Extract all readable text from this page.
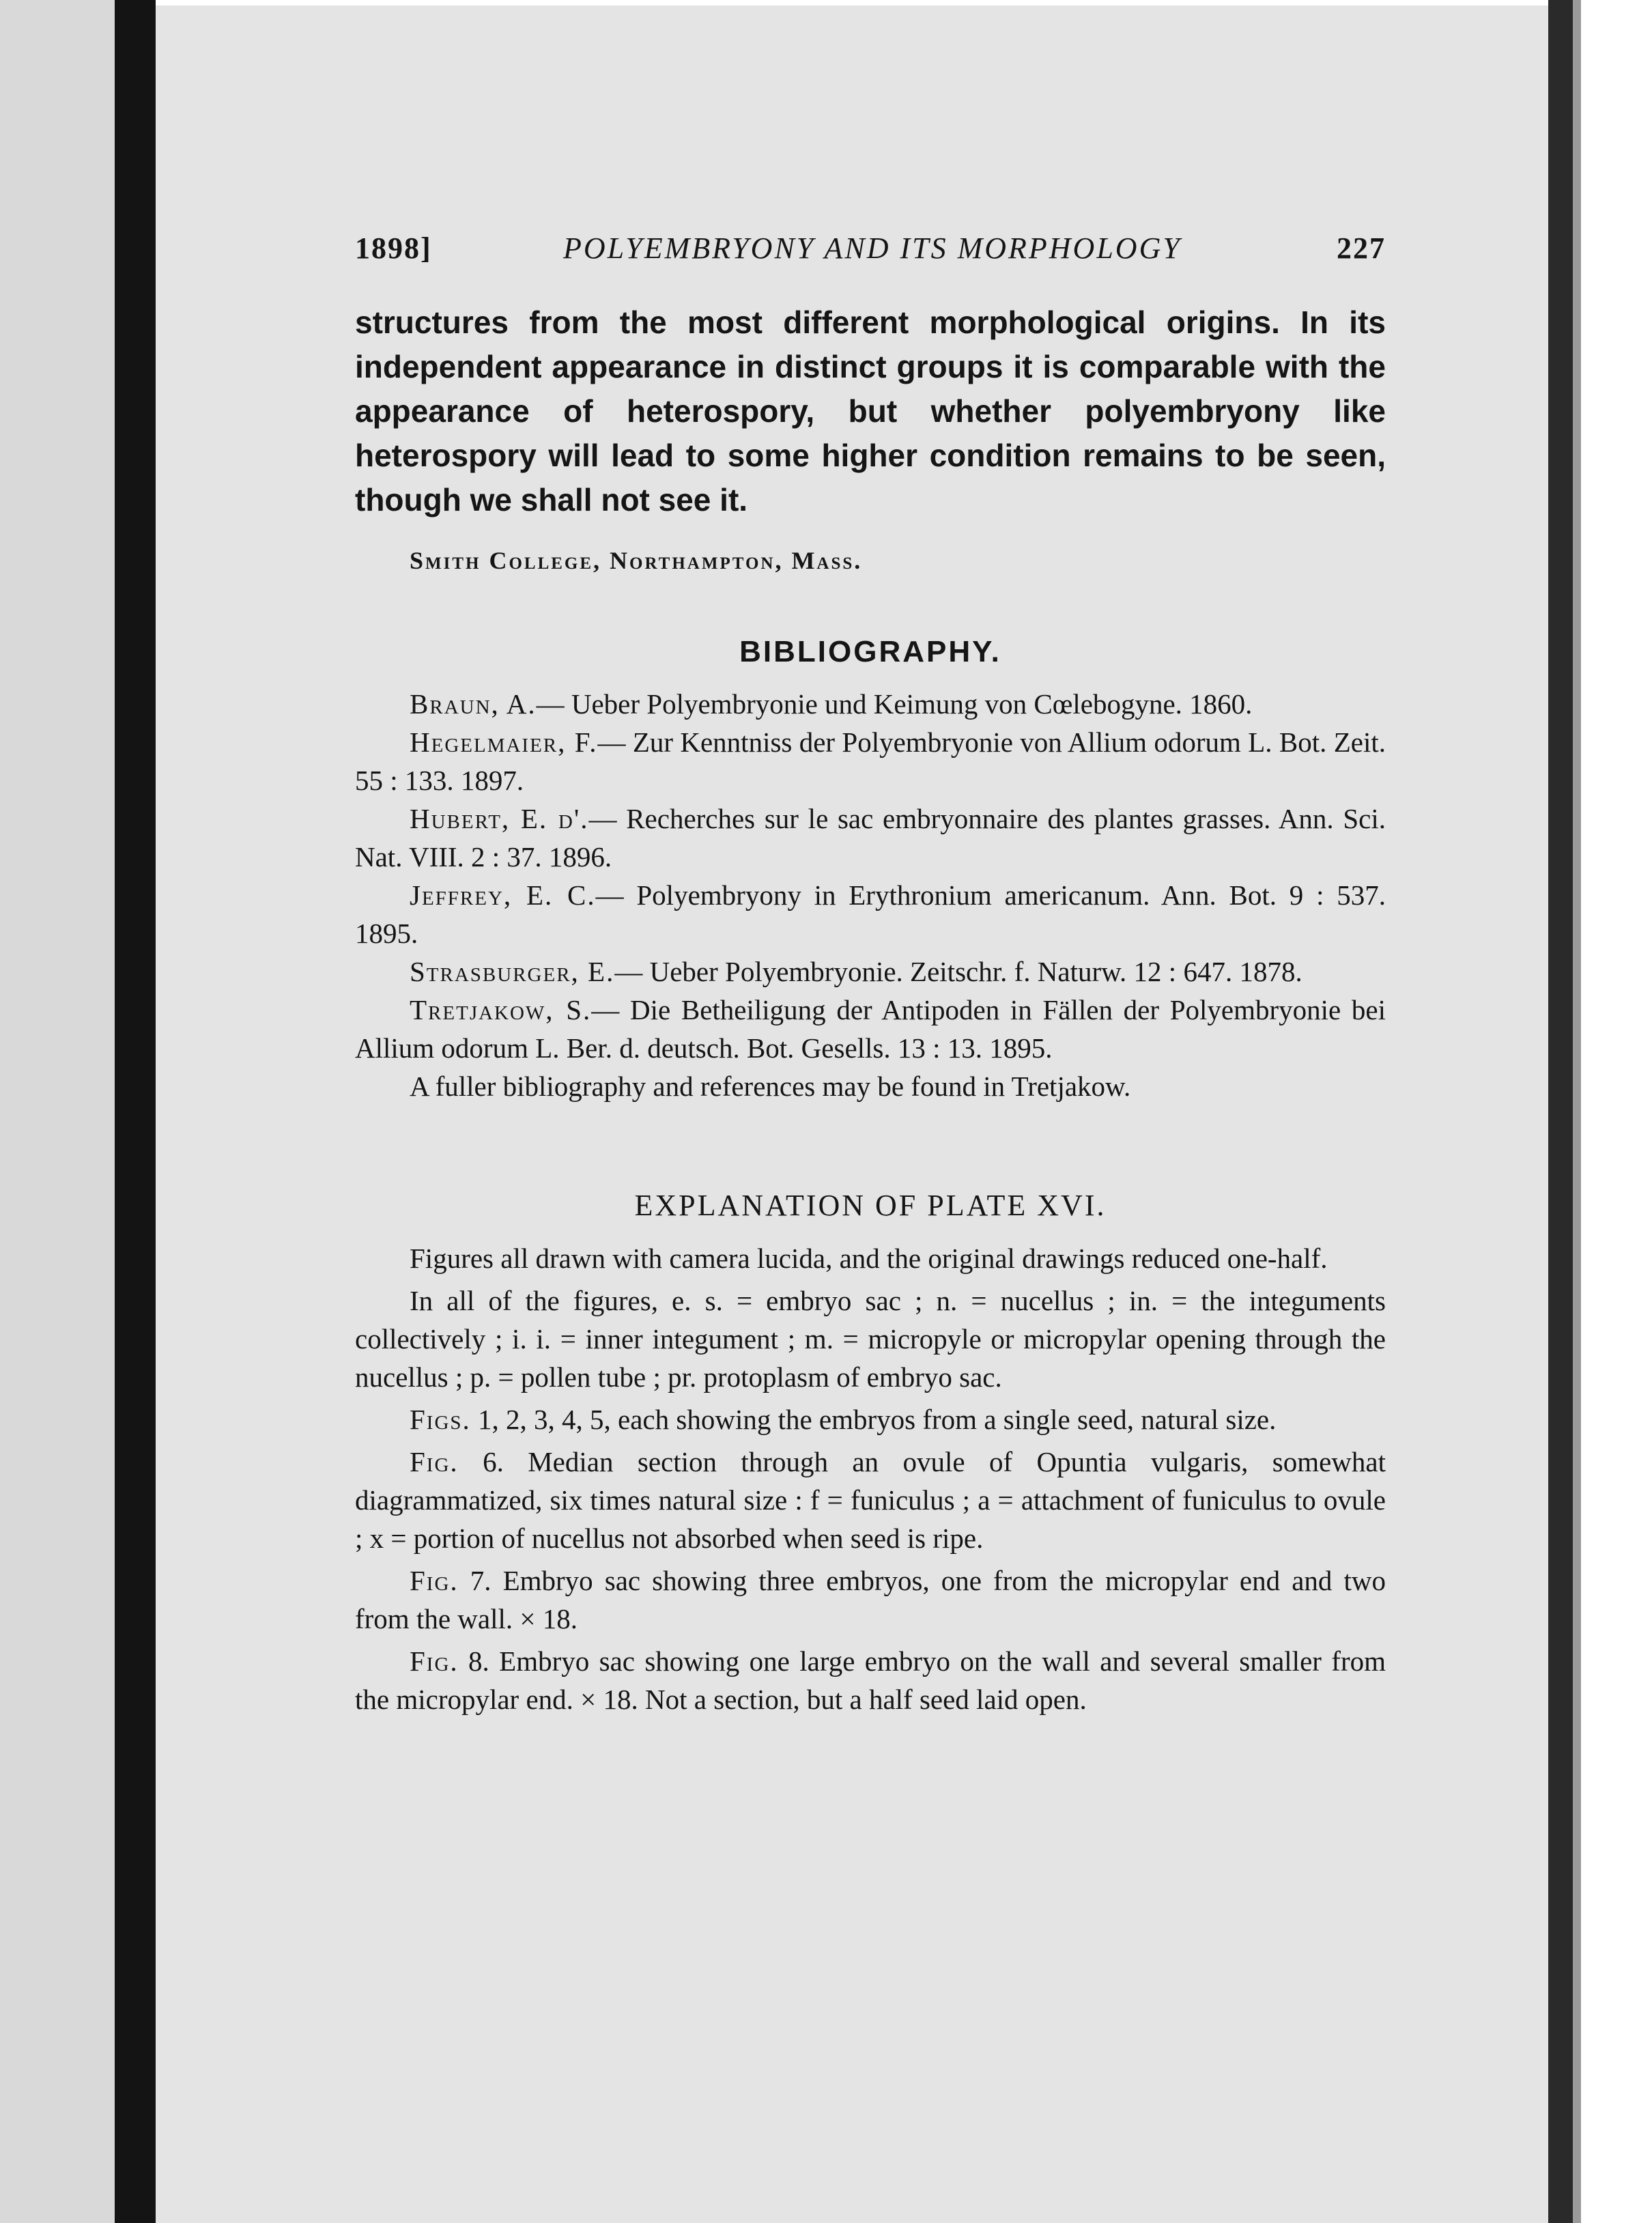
1898]	POLYEMBRYONY AND ITS MORPHOLOGY	227

structures from the most different morphological origins. In its independent appearance in distinct groups it is comparable with the appearance of heterospory, but whether polyembryony like heterospory will lead to some higher condition remains to be seen, though we shall not see it.

Smith College, Northampton, Mass.
BIBLIOGRAPHY.

Braun, A.— Ueber Polyembryonie und Keimung von Cœlebogyne. 1860.

Hegelmaier, F.— Zur Kenntniss der Polyembryonie von Allium odorum L. Bot. Zeit. 55 : 133. 1897.

Hubert, E. d'.— Recherches sur le sac embryonnaire des plantes grasses. Ann. Sci. Nat. VIII. 2 : 37. 1896.

Jeffrey, E. C.— Polyembryony in Erythronium americanum. Ann. Bot. 9 : 537. 1895.

Strasburger, E.— Ueber Polyembryonie. Zeitschr. f. Naturw. 12 : 647. 1878.

Tretjakow, S.— Die Betheiligung der Antipoden in Fällen der Polyembryonie bei Allium odorum L. Ber. d. deutsch. Bot. Gesells. 13 : 13. 1895.

A fuller bibliography and references may be found in Tretjakow.

EXPLANATION OF PLATE XVI.

Figures all drawn with camera lucida, and the original drawings reduced one-half.

In all of the figures, e. s. = embryo sac ; n. = nucellus ; in. = the integuments collectively ; i. i. = inner integument ; m. = micropyle or micropylar opening through the nucellus ; p. = pollen tube ; pr. protoplasm of embryo sac.

Figs. 1, 2, 3, 4, 5, each showing the embryos from a single seed, natural size.

Fig. 6. Median section through an ovule of Opuntia vulgaris, somewhat diagrammatized, six times natural size : f = funiculus ; a = attachment of funiculus to ovule ; x = portion of nucellus not absorbed when seed is ripe.

Fig. 7. Embryo sac showing three embryos, one from the micropylar end and two from the wall. × 18.

Fig. 8. Embryo sac showing one large embryo on the wall and several smaller from the micropylar end. × 18. Not a section, but a half seed laid open.
